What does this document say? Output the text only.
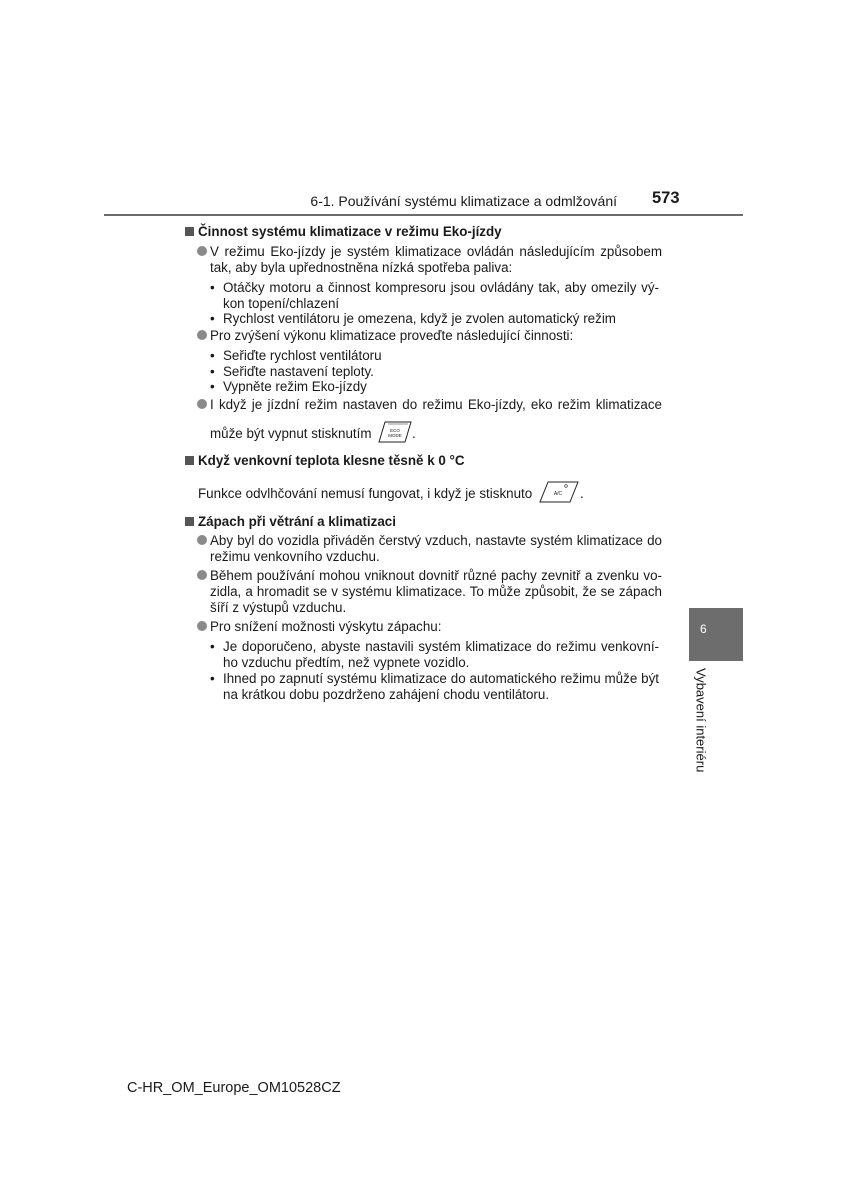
6-1. Používání systému klimatizace a odmlžování 573
Činnost systému klimatizace v režimu Eko-jízdy
V režimu Eko-jízdy je systém klimatizace ovládán následujícím způsobem
tak, aby byla upřednostněna nízká spotřeba paliva:
• Otáčky motoru a činnost kompresoru jsou ovládány tak, aby omezily vý-
kon topení/chlazení
• Rychlost ventilátoru je omezena, když je zvolen automatický režim
Pro zvýšení výkonu klimatizace proveďte následující činnosti:
• Seřiďte rychlost ventilátoru
• Seřiďte nastavení teploty.
• Vypněte režim Eko-jízdy
I když je jízdní režim nastaven do režimu Eko-jízdy, eko režim klimatizace
může být vypnut stisknutím	ECO
MODE .
Když venkovní teplota klesne těsně k 0 °C
Funkce odvlhčování nemusí fungovat, i když je stisknuto	A/C .
Zápach při větrání a klimatizaci
Aby byl do vozidla přiváděn čerstvý vzduch, nastavte systém klimatizace do
režimu venkovního vzduchu.
Během používání mohou vniknout dovnitř různé pachy zevnitř a zvenku vo-
zidla, a hromadit se v systému klimatizace. To může způsobit, že se zápach
šíří z výstupů vzduchu.
Pro snížení možnosti výskytu zápachu:
• Je doporučeno, abyste nastavili systém klimatizace do režimu venkovní-
ho vzduchu předtím, než vypnete vozidlo.
• Ihned po zapnutí systému klimatizace do automatického režimu může být
na krátkou dobu pozdrženo zahájení chodu ventilátoru.
6
Vybavení interiéru
C-HR_OM_Europe_OM10528CZ
